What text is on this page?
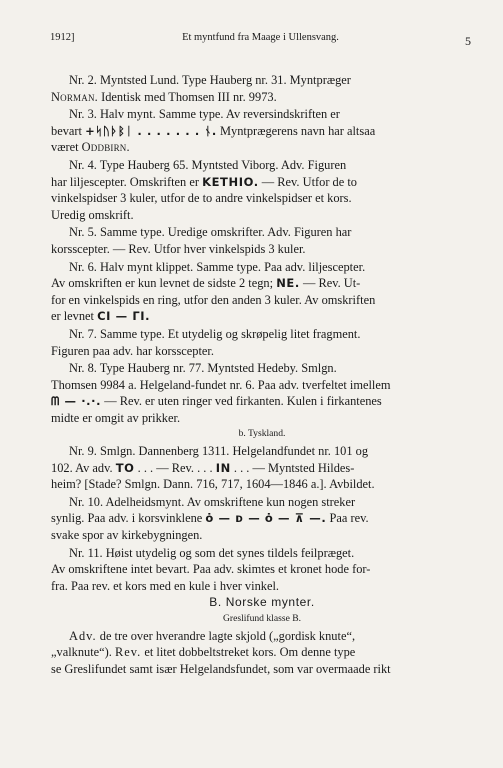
1912]	Et myntfund fra Maage i Ullensvang.	5

Nr. 2. Myntsted Lund. Type Hauberg nr. 31. Myntpræger
Norman. Identisk med Thomsen III nr. 9973.

Nr. 3. Halv mynt. Samme type. Av reversindskriften er
bevart +ᛋᚢᚦᛒᛁ . . . . . . . ᚾ. Myntprægerens navn har altsaa
været Oddbirn.

Nr. 4. Type Hauberg 65. Myntsted Viborg. Adv. Figuren
har liljescepter. Omskriften er KETHIO. — Rev. Utfor de to
vinkelspidser 3 kuler, utfor de to andre vinkelspidser et kors.
Uredig omskrift.

Nr. 5. Samme type. Uredige omskrifter. Adv. Figuren har
korsscepter. — Rev. Utfor hver vinkelspids 3 kuler.

Nr. 6. Halv mynt klippet. Samme type. Paa adv. liljescepter.
Av omskriften er kun levnet de sidste 2 tegn; NE. — Rev. Ut-
for en vinkelspids en ring, utfor den anden 3 kuler. Av omskriften
er levnet CI — ΓI.

Nr. 7. Samme type. Et utydelig og skrøpelig litet fragment.
Figuren paa adv. har korsscepter.

Nr. 8. Type Hauberg nr. 77. Myntsted Hedeby. Smlgn.
Thomsen 9984 a. Helgeland-fundet nr. 6. Paa adv. tverfeltet imellem
ᗰ — ·.·. — Rev. er uten ringer ved firkanten. Kulen i firkantenes
midte er omgit av prikker.

b. Tyskland.

Nr. 9. Smlgn. Dannenberg 1311. Helgelandfundet nr. 101 og
102. Av adv. TO . . . — Rev. . . . IN . . . — Myntsted Hildes-
heim? [Stade? Smlgn. Dann. 716, 717, 1604—1846 a.]. Avbildet.

Nr. 10. Adelheidsmynt. Av omskriftene kun nogen streker
synlig. Paa adv. i korsvinklene ȯ — ᴅ — ȯ — ⊼ —. Paa rev.
svake spor av kirkebygningen.

Nr. 11. Høist utydelig og som det synes tildels feilpræget.
Av omskriftene intet bevart. Paa adv. skimtes et kronet hode for-
fra. Paa rev. et kors med en kule i hver vinkel.

B. Norske mynter.

Greslifund klasse B.

Adv. de tre over hverandre lagte skjold („gordisk knute“,
„valknute“). Rev. et litet dobbeltstreket kors. Om denne type
se Greslifundet samt især Helgelandsfundet, som var overmaade rikt
